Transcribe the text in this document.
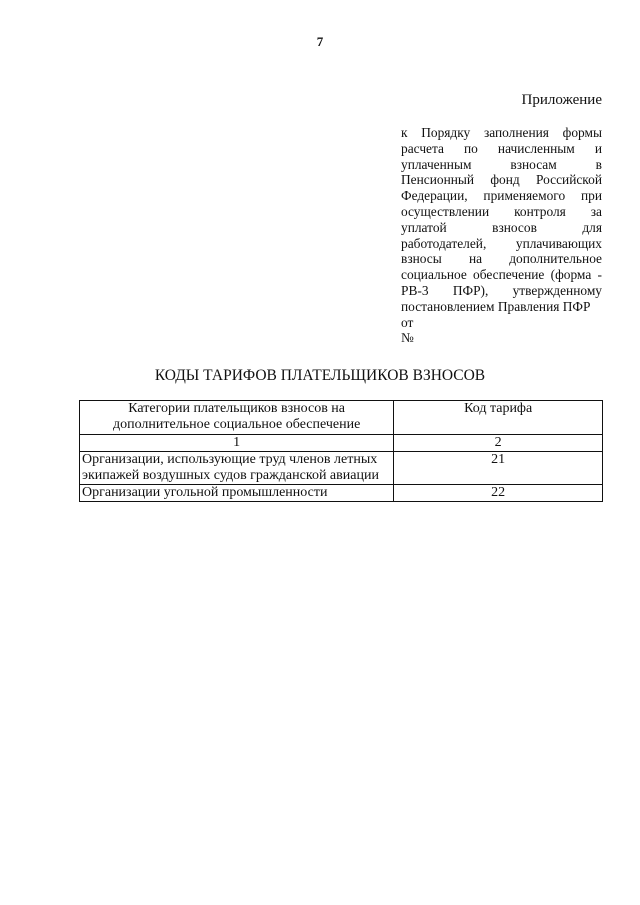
7
Приложение
к Порядку заполнения формы
расчета по начисленным и
уплаченным взносам в
Пенсионный фонд Российской
Федерации, применяемого при
осуществлении контроля за
уплатой взносов для
работодателей, уплачивающих
взносы на дополнительное
социальное обеспечение (форма -
РВ-3 ПФР), утвержденному
постановлением Правления ПФР
от
№
КОДЫ ТАРИФОВ ПЛАТЕЛЬЩИКОВ ВЗНОСОВ
Категории плательщиков взносов на дополнительное социальное обеспечение	Код тарифа
1	2
Организации, использующие труд членов летных экипажей воздушных судов гражданской авиации	21
Организации угольной промышленности	22
